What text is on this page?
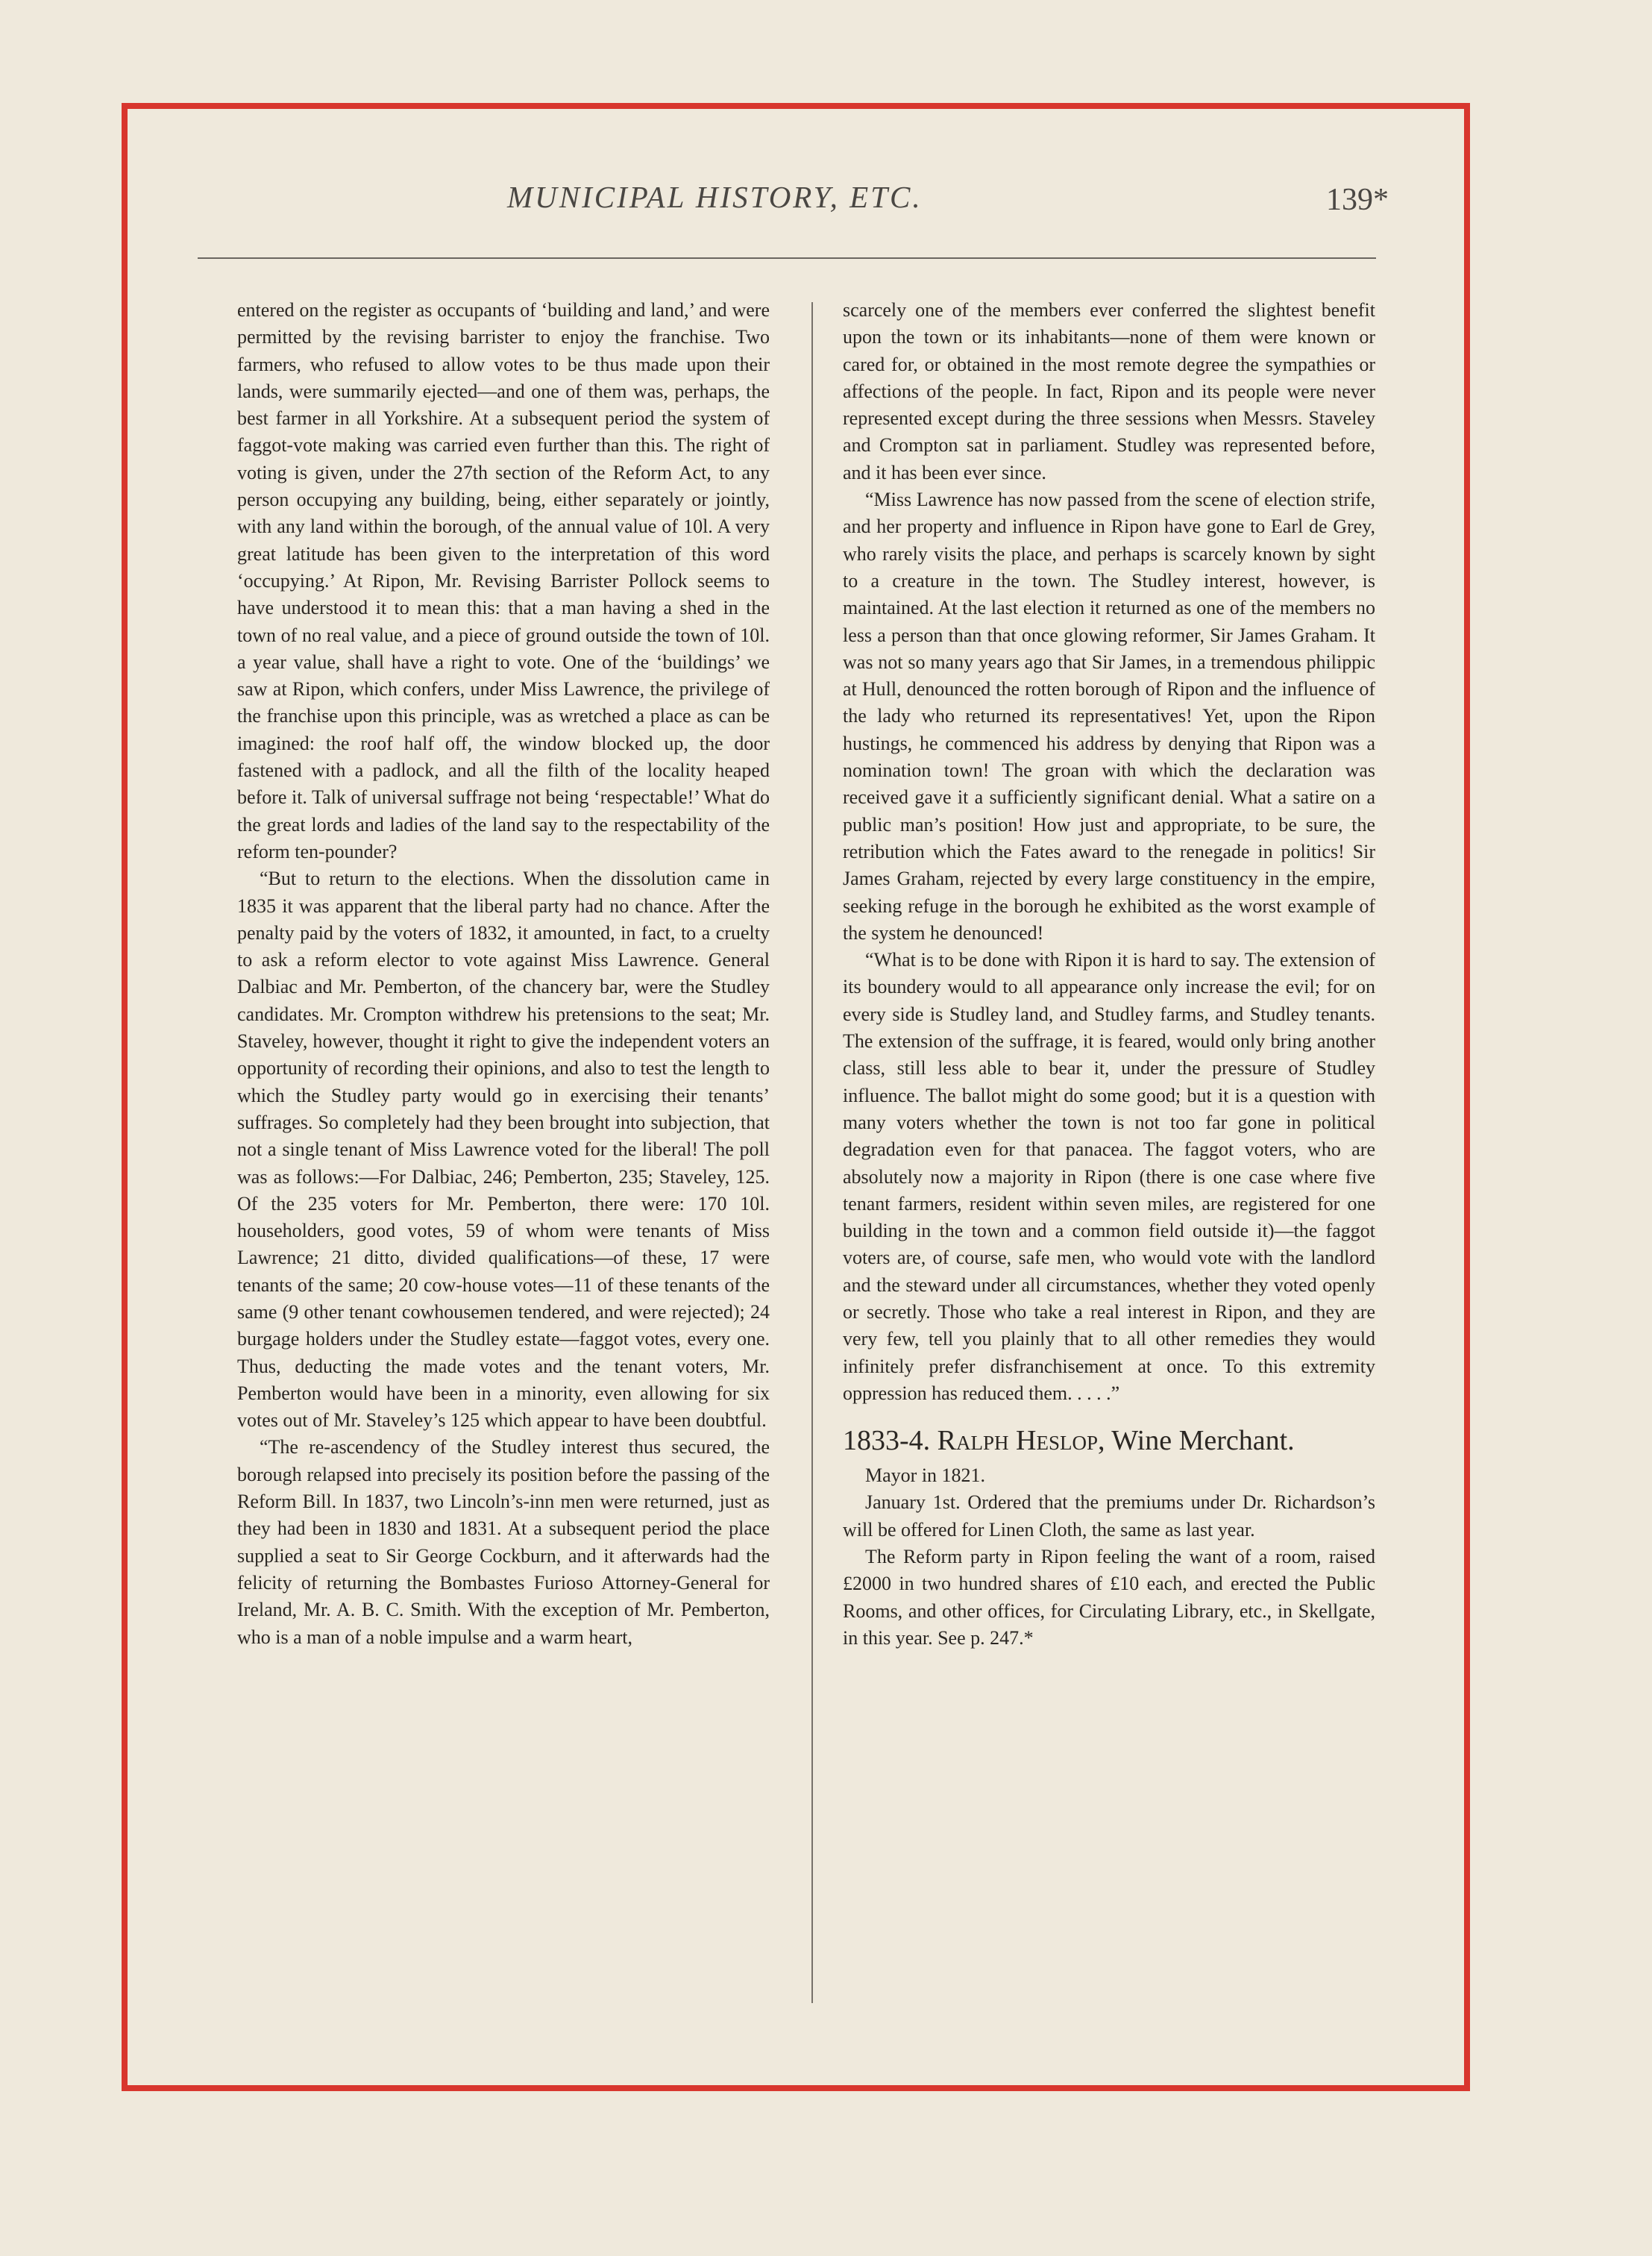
MUNICIPAL HISTORY, ETC.	139*

entered on the register as occupants of ‘building and land,’ and were permitted by the revising barrister to enjoy the franchise. Two farmers, who refused to allow votes to be thus made upon their lands, were summarily ejected—and one of them was, perhaps, the best farmer in all Yorkshire. At a subsequent period the system of faggot-vote making was carried even further than this. The right of voting is given, under the 27th section of the Reform Act, to any person occupying any building, being, either separately or jointly, with any land within the borough, of the annual value of 10l. A very great latitude has been given to the interpretation of this word ‘occupying.’ At Ripon, Mr. Revising Barrister Pollock seems to have understood it to mean this: that a man having a shed in the town of no real value, and a piece of ground outside the town of 10l. a year value, shall have a right to vote. One of the ‘buildings’ we saw at Ripon, which confers, under Miss Lawrence, the privilege of the franchise upon this principle, was as wretched a place as can be imagined: the roof half off, the window blocked up, the door fastened with a padlock, and all the filth of the locality heaped before it. Talk of universal suffrage not being ‘respectable!’ What do the great lords and ladies of the land say to the respectability of the reform ten-pounder?

“But to return to the elections. When the dissolution came in 1835 it was apparent that the liberal party had no chance. After the penalty paid by the voters of 1832, it amounted, in fact, to a cruelty to ask a reform elector to vote against Miss Lawrence. General Dalbiac and Mr. Pemberton, of the chancery bar, were the Studley candidates. Mr. Crompton withdrew his pretensions to the seat; Mr. Staveley, however, thought it right to give the independent voters an opportunity of recording their opinions, and also to test the length to which the Studley party would go in exercising their tenants’ suffrages. So completely had they been brought into subjection, that not a single tenant of Miss Lawrence voted for the liberal! The poll was as follows:—For Dalbiac, 246; Pemberton, 235; Staveley, 125. Of the 235 voters for Mr. Pemberton, there were: 170 10l. householders, good votes, 59 of whom were tenants of Miss Lawrence; 21 ditto, divided qualifications—of these, 17 were tenants of the same; 20 cow-house votes—11 of these tenants of the same (9 other tenant cowhousemen tendered, and were rejected); 24 burgage holders under the Studley estate—faggot votes, every one. Thus, deducting the made votes and the tenant voters, Mr. Pemberton would have been in a minority, even allowing for six votes out of Mr. Staveley’s 125 which appear to have been doubtful.

“The re-ascendency of the Studley interest thus secured, the borough relapsed into precisely its position before the passing of the Reform Bill. In 1837, two Lincoln’s-inn men were returned, just as they had been in 1830 and 1831. At a subsequent period the place supplied a seat to Sir George Cockburn, and it afterwards had the felicity of returning the Bombastes Furioso Attorney-General for Ireland, Mr. A. B. C. Smith. With the exception of Mr. Pemberton, who is a man of a noble impulse and a warm heart,

scarcely one of the members ever conferred the slightest benefit upon the town or its inhabitants—none of them were known or cared for, or obtained in the most remote degree the sympathies or affections of the people. In fact, Ripon and its people were never represented except during the three sessions when Messrs. Staveley and Crompton sat in parliament. Studley was represented before, and it has been ever since.

“Miss Lawrence has now passed from the scene of election strife, and her property and influence in Ripon have gone to Earl de Grey, who rarely visits the place, and perhaps is scarcely known by sight to a creature in the town. The Studley interest, however, is maintained. At the last election it returned as one of the members no less a person than that once glowing reformer, Sir James Graham. It was not so many years ago that Sir James, in a tremendous philippic at Hull, denounced the rotten borough of Ripon and the influence of the lady who returned its representatives! Yet, upon the Ripon hustings, he commenced his address by denying that Ripon was a nomination town! The groan with which the declaration was received gave it a sufficiently significant denial. What a satire on a public man’s position! How just and appropriate, to be sure, the retribution which the Fates award to the renegade in politics! Sir James Graham, rejected by every large constituency in the empire, seeking refuge in the borough he exhibited as the worst example of the system he denounced!

“What is to be done with Ripon it is hard to say. The extension of its boundery would to all appearance only increase the evil; for on every side is Studley land, and Studley farms, and Studley tenants. The extension of the suffrage, it is feared, would only bring another class, still less able to bear it, under the pressure of Studley influence. The ballot might do some good; but it is a question with many voters whether the town is not too far gone in political degradation even for that panacea. The faggot voters, who are absolutely now a majority in Ripon (there is one case where five tenant farmers, resident within seven miles, are registered for one building in the town and a common field outside it)—the faggot voters are, of course, safe men, who would vote with the landlord and the steward under all circumstances, whether they voted openly or secretly. Those who take a real interest in Ripon, and they are very few, tell you plainly that to all other remedies they would infinitely prefer disfranchisement at once. To this extremity oppression has reduced them. . . . .”

1833-4. Ralph Heslop, Wine Merchant.

Mayor in 1821.

January 1st. Ordered that the premiums under Dr. Richardson’s will be offered for Linen Cloth, the same as last year.

The Reform party in Ripon feeling the want of a room, raised £2000 in two hundred shares of £10 each, and erected the Public Rooms, and other offices, for Circulating Library, etc., in Skellgate, in this year. See p. 247.*
